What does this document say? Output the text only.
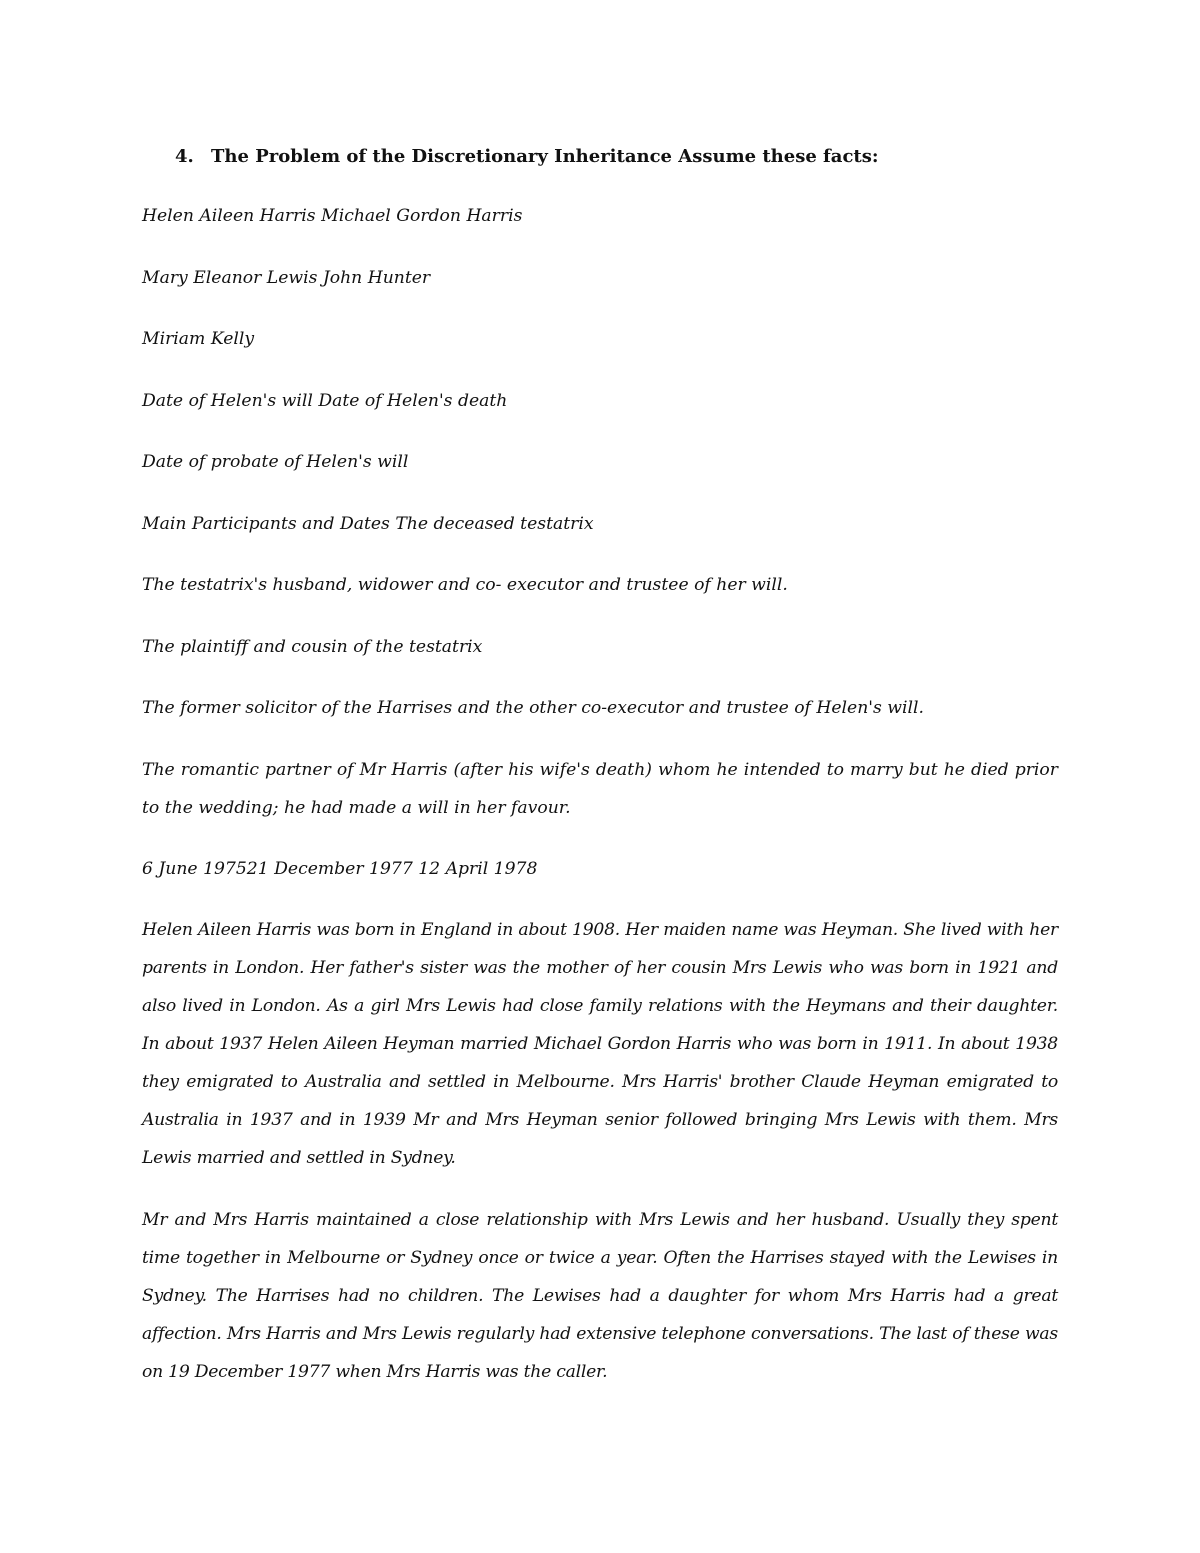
4. The Problem of the Discretionary Inheritance Assume these facts:
Helen Aileen Harris Michael Gordon Harris
Mary Eleanor Lewis John Hunter
Miriam Kelly
Date of Helen's will Date of Helen's death
Date of probate of Helen's will
Main Participants and Dates The deceased testatrix
The testatrix's husband, widower and co- executor and trustee of her will.
The plaintiff and cousin of the testatrix
The former solicitor of the Harrises and the other co-executor and trustee of Helen's will.
The romantic partner of Mr Harris (after his wife's death) whom he intended to marry but he died prior to the wedding; he had made a will in her favour.
6 June 197521 December 1977 12 April 1978
Helen Aileen Harris was born in England in about 1908. Her maiden name was Heyman. She lived with her parents in London. Her father's sister was the mother of her cousin Mrs Lewis who was born in 1921 and also lived in London. As a girl Mrs Lewis had close family relations with the Heymans and their daughter. In about 1937 Helen Aileen Heyman married Michael Gordon Harris who was born in 1911. In about 1938 they emigrated to Australia and settled in Melbourne. Mrs Harris' brother Claude Heyman emigrated to Australia in 1937 and in 1939 Mr and Mrs Heyman senior followed bringing Mrs Lewis with them. Mrs Lewis married and settled in Sydney.
Mr and Mrs Harris maintained a close relationship with Mrs Lewis and her husband. Usually they spent time together in Melbourne or Sydney once or twice a year. Often the Harrises stayed with the Lewises in Sydney. The Harrises had no children. The Lewises had a daughter for whom Mrs Harris had a great affection. Mrs Harris and Mrs Lewis regularly had extensive telephone conversations. The last of these was on 19 December 1977 when Mrs Harris was the caller.
